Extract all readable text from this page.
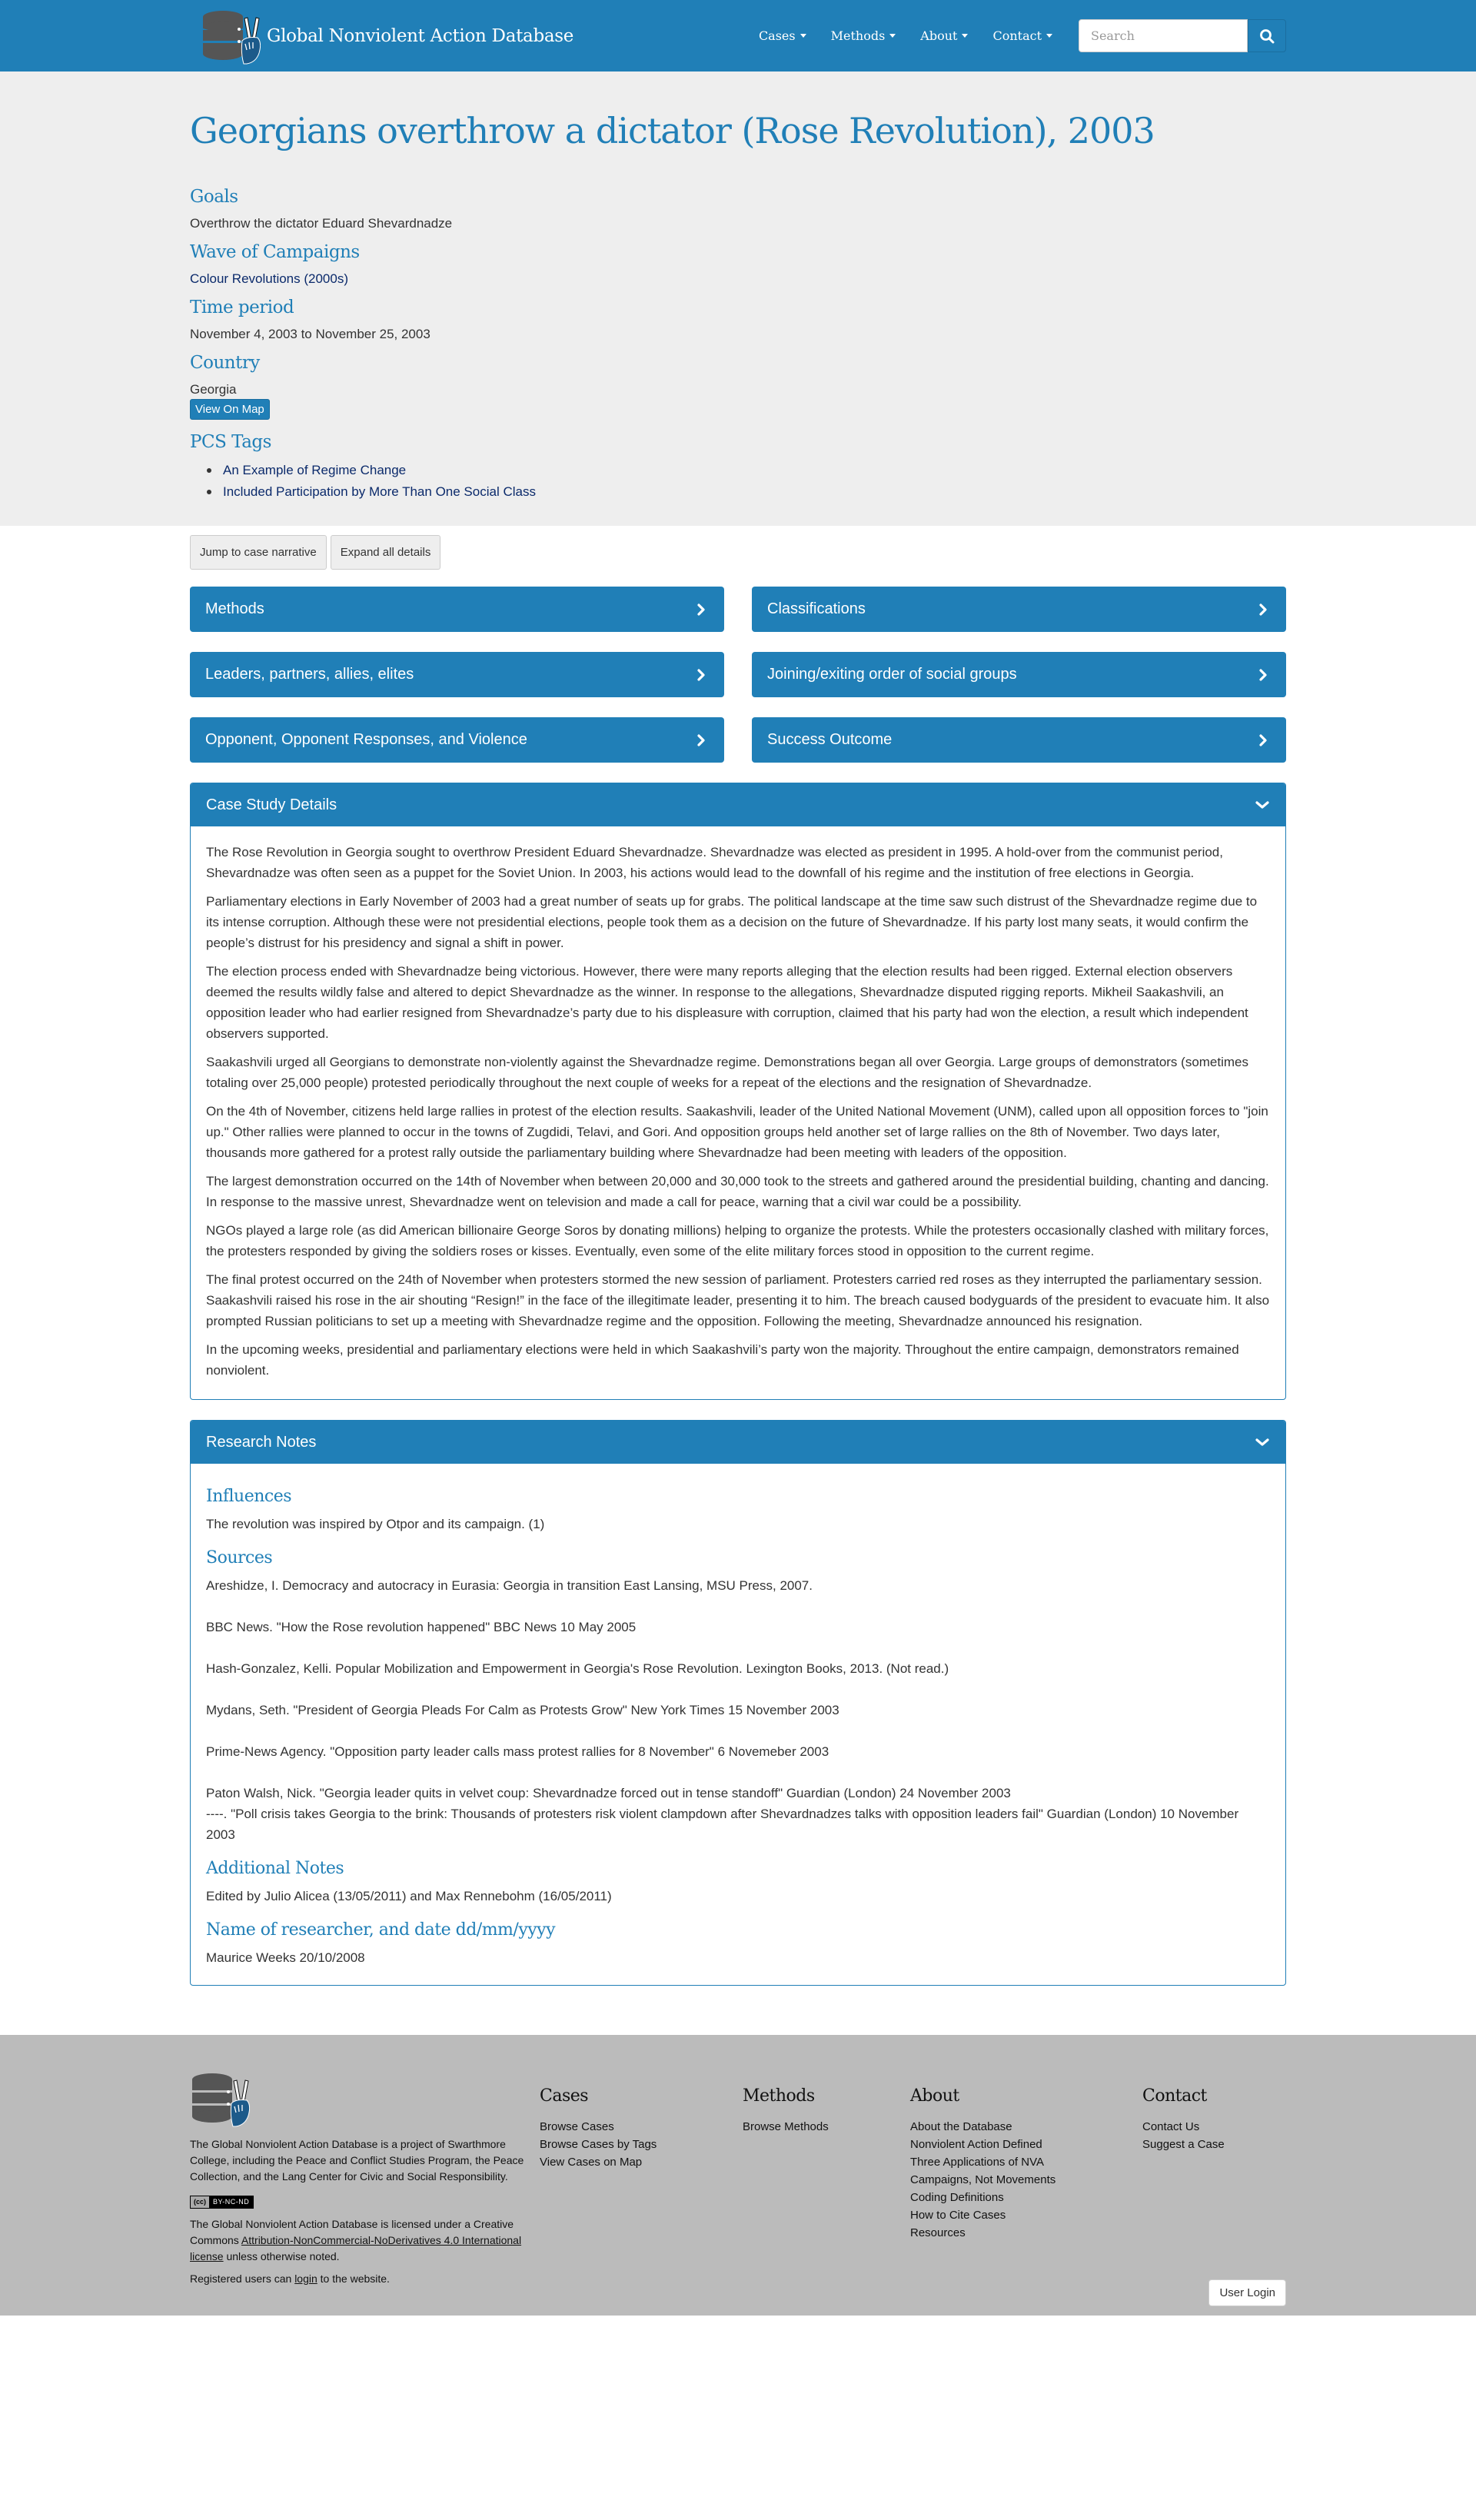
Global Nonviolent Action Database	Cases	Methods	About	Contact
Search
Georgians overthrow a dictator (Rose Revolution), 2003
Goals
Overthrow the dictator Eduard Shevardnadze
Wave of Campaigns
Colour Revolutions (2000s)
Time period
November 4, 2003 to November 25, 2003
Country
Georgia
View On Map
PCS Tags
An Example of Regime Change
Included Participation by More Than One Social Class
Jump to case narrative	Expand all details
Methods	Classifications
Leaders, partners, allies, elites	Joining/exiting order of social groups
Opponent, Opponent Responses, and Violence	Success Outcome
Case Study Details

The Rose Revolution in Georgia sought to overthrow President Eduard Shevardnadze. Shevardnadze was elected as president in 1995. A hold-over from the communist period, Shevardnadze was often seen as a puppet for the Soviet Union. In 2003, his actions would lead to the downfall of his regime and the institution of free elections in Georgia.

Parliamentary elections in Early November of 2003 had a great number of seats up for grabs. The political landscape at the time saw such distrust of the Shevardnadze regime due to its intense corruption. Although these were not presidential elections, people took them as a decision on the future of Shevardnadze. If his party lost many seats, it would confirm the people’s distrust for his presidency and signal a shift in power.

The election process ended with Shevardnadze being victorious. However, there were many reports alleging that the election results had been rigged. External election observers deemed the results wildly false and altered to depict Shevardnadze as the winner. In response to the allegations, Shevardnadze disputed rigging reports. Mikheil Saakashvili, an opposition leader who had earlier resigned from Shevardnadze’s party due to his displeasure with corruption, claimed that his party had won the election, a result which independent observers supported.

Saakashvili urged all Georgians to demonstrate non-violently against the Shevardnadze regime. Demonstrations began all over Georgia. Large groups of demonstrators (sometimes totaling over 25,000 people) protested periodically throughout the next couple of weeks for a repeat of the elections and the resignation of Shevardnadze.

On the 4th of November, citizens held large rallies in protest of the election results. Saakashvili, leader of the United National Movement (UNM), called upon all opposition forces to "join up." Other rallies were planned to occur in the towns of Zugdidi, Telavi, and Gori. And opposition groups held another set of large rallies on the 8th of November. Two days later, thousands more gathered for a protest rally outside the parliamentary building where Shevardnadze had been meeting with leaders of the opposition.

The largest demonstration occurred on the 14th of November when between 20,000 and 30,000 took to the streets and gathered around the presidential building, chanting and dancing. In response to the massive unrest, Shevardnadze went on television and made a call for peace, warning that a civil war could be a possibility.

NGOs played a large role (as did American billionaire George Soros by donating millions) helping to organize the protests. While the protesters occasionally clashed with military forces, the protesters responded by giving the soldiers roses or kisses. Eventually, even some of the elite military forces stood in opposition to the current regime.

The final protest occurred on the 24th of November when protesters stormed the new session of parliament. Protesters carried red roses as they interrupted the parliamentary session. Saakashvili raised his rose in the air shouting “Resign!” in the face of the illegitimate leader, presenting it to him. The breach caused bodyguards of the president to evacuate him. It also prompted Russian politicians to set up a meeting with Shevardnadze regime and the opposition. Following the meeting, Shevardnadze announced his resignation.

In the upcoming weeks, presidential and parliamentary elections were held in which Saakashvili’s party won the majority. Throughout the entire campaign, demonstrators remained nonviolent.

Research Notes
Influences

The revolution was inspired by Otpor and its campaign. (1)

Sources

Areshidze, I. Democracy and autocracy in Eurasia: Georgia in transition East Lansing, MSU Press, 2007.

BBC News. "How the Rose revolution happened" BBC News 10 May 2005

Hash-Gonzalez, Kelli. Popular Mobilization and Empowerment in Georgia's Rose Revolution. Lexington Books, 2013. (Not read.)

Mydans, Seth. "President of Georgia Pleads For Calm as Protests Grow" New York Times 15 November 2003

Prime-News Agency. "Opposition party leader calls mass protest rallies for 8 November" 6 Novemeber 2003

Paton Walsh, Nick. "Georgia leader quits in velvet coup: Shevardnadze forced out in tense standoff" Guardian (London) 24 November 2003

----. "Poll crisis takes Georgia to the brink: Thousands of protesters risk violent clampdown after Shevardnadzes talks with opposition leaders fail" Guardian (London) 10 November 2003

Additional Notes

Edited by Julio Alicea (13/05/2011) and Max Rennebohm (16/05/2011)

Name of researcher, and date dd/mm/yyyy

Maurice Weeks 20/10/2008

The Global Nonviolent Action Database is a project of Swarthmore College, including the Peace and Conflict Studies Program, the Peace Collection, and the Lang Center for Civic and Social Responsibility.

(cc)	BY-NC-ND

The Global Nonviolent Action Database is licensed under a Creative Commons Attribution-NonCommercial-NoDerivatives 4.0 International license unless otherwise noted.

Registered users can login to the website.

Cases
Browse Cases
Browse Cases by Tags
View Cases on Map
Methods
Browse Methods
About
About the Database
Nonviolent Action Defined
Three Applications of NVA
Campaigns, Not Movements
Coding Definitions
How to Cite Cases
Resources
Contact
Contact Us
Suggest a Case
User Login
